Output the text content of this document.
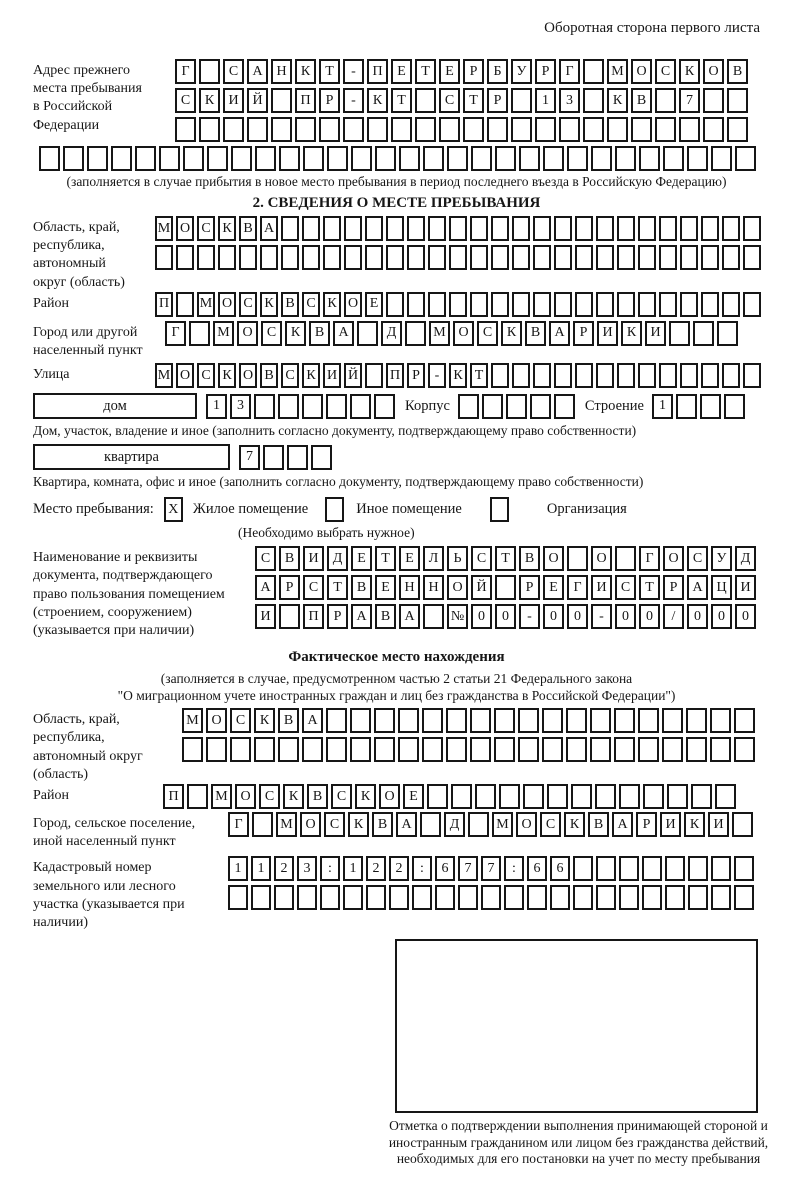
Оборотная сторона первого листа
Адрес прежнего места пребывания в Российской Федерации
Г	С	А Н	К	Т	-	П	Е	Т	Е	Р	Б	У	Р	Г	М О	С	К	О	В
С	К	И Й	П	Р	-	К	Т	С	Т	Р	1	3	К	В	7
(заполняется в случае прибытия в новое место пребывания в период последнего въезда в Российскую Федерацию)
2. СВЕДЕНИЯ О МЕСТЕ ПРЕБЫВАНИЯ
Область, край, республика, автономный округ (область)
М О С К В А
Район	П М О С К В С К О Е
Город или другой населенный пункт
Г	М О	С	К	В	А	Д	М О	С	К	В	А	Р	И	К	И
Улица	М О С К О В С К И Й П Р	-	К Т
дом	1	3	Корпус	Строение	1
Дом, участок, владение и иное (заполнить согласно документу, подтверждающему право собственности)
квартира	7
Квартира, комната, офис и иное (заполнить согласно документу, подтверждающему право собственности)
Место пребывания:	X Жилое помещение	Иное помещение	Организация
(Необходимо выбрать нужное)
Наименование и реквизиты документа, подтверждающего право пользования помещением (строением, сооружением) (указывается при наличии)
С	В	И	Д	Е	Т	Е	Л	Ь	С	Т	В	О	О	Г	О	С	У	Д
А	Р	С	Т	В	Е	Н Н О Й	Р	Е	Г	И	С	Т	Р	А Ц И
И	П	Р	А	В	А	№ 0	0	-	0	0	-	0	0	/	0	0	0
Фактическое место нахождения
(заполняется в случае, предусмотренном частью 2 статьи 21 Федерального закона
"О миграционном учете иностранных граждан и лиц без гражданства в Российской Федерации")
Область, край, республика, автономный округ (область)
М О	С	К	В	А
Район	П	М О	С	К	В	С	К	О	Е
Город, сельское поселение, иной населенный пункт
Г	М О	С	К	В	А	Д	М О	С	К	В	А	Р	И	К	И
Кадастровый номер земельного или лесного участка (указывается при наличии)
1	1	2	3	:	1	2	2	:	6	7	7	:	6	6
Отметка о подтверждении выполнения принимающей стороной и иностранным гражданином или лицом без гражданства действий, необходимых для его постановки на учет по месту пребывания
